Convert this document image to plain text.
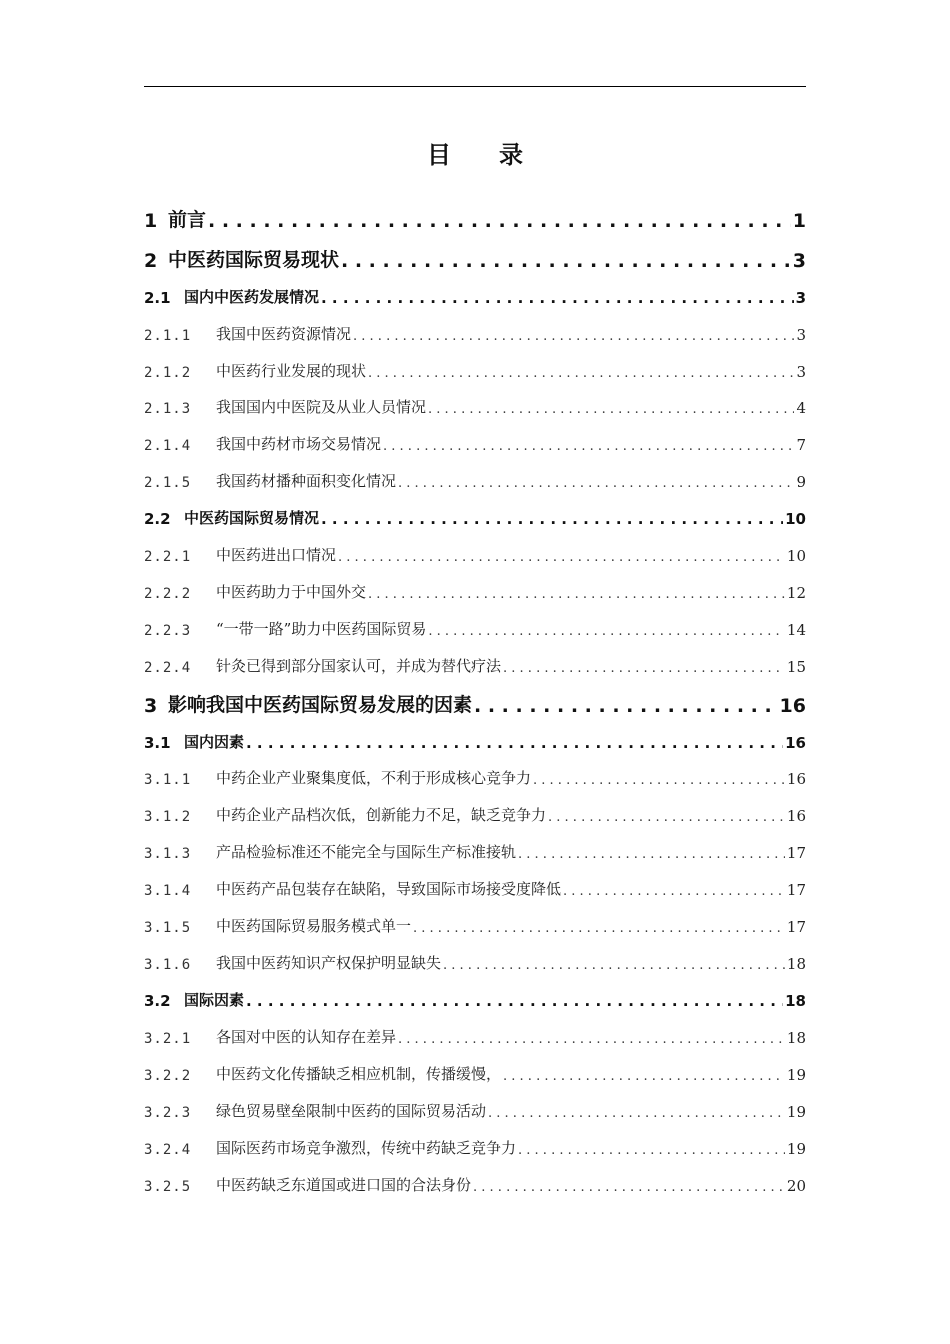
目 录
1 前言 . . .	1
2 中医药国际贸易现状 . . .	3
2.1 国内中医药发展情况 . . .	3
2.1.1	我国中医药资源情况 . . .	3
2.1.2	中医药行业发展的现状 . . .	3
2.1.3	我国国内中医院及从业人员情况 . . .	4
2.1.4	我国中药材市场交易情况 . . .	7
2.1.5	我国药材播种面积变化情况 . . .	9
2.2 中医药国际贸易情况 . . .	10
2.2.1	中医药进出口情况 . . .	10
2.2.2	中医药助力于中国外交 . . .	12
2.2.3	“一带一路”助力中医药国际贸易 . . .	14
2.2.4	针灸已得到部分国家认可，并成为替代疗法 . . .	15
3 影响我国中医药国际贸易发展的因素 . . .	16
3.1 国内因素 . . .	16
3.1.1	中药企业产业聚集度低，不利于形成核心竞争力 . . .	16
3.1.2	中药企业产品档次低，创新能力不足，缺乏竞争力 . . .	16
3.1.3	产品检验标准还不能完全与国际生产标准接轨 . . .	17
3.1.4	中医药产品包装存在缺陷，导致国际市场接受度降低 . . .	17
3.1.5	中医药国际贸易服务模式单一 . . .	17
3.1.6	我国中医药知识产权保护明显缺失 . . .	18
3.2 国际因素 . . .	18
3.2.1	各国对中医的认知存在差异 . . .	18
3.2.2	中医药文化传播缺乏相应机制，传播缓慢， . . .	19
3.2.3	绿色贸易壁垒限制中医药的国际贸易活动 . . .	19
3.2.4	国际医药市场竞争激烈，传统中药缺乏竞争力 . . .	19
3.2.5	中医药缺乏东道国或进口国的合法身份 . . .	20
